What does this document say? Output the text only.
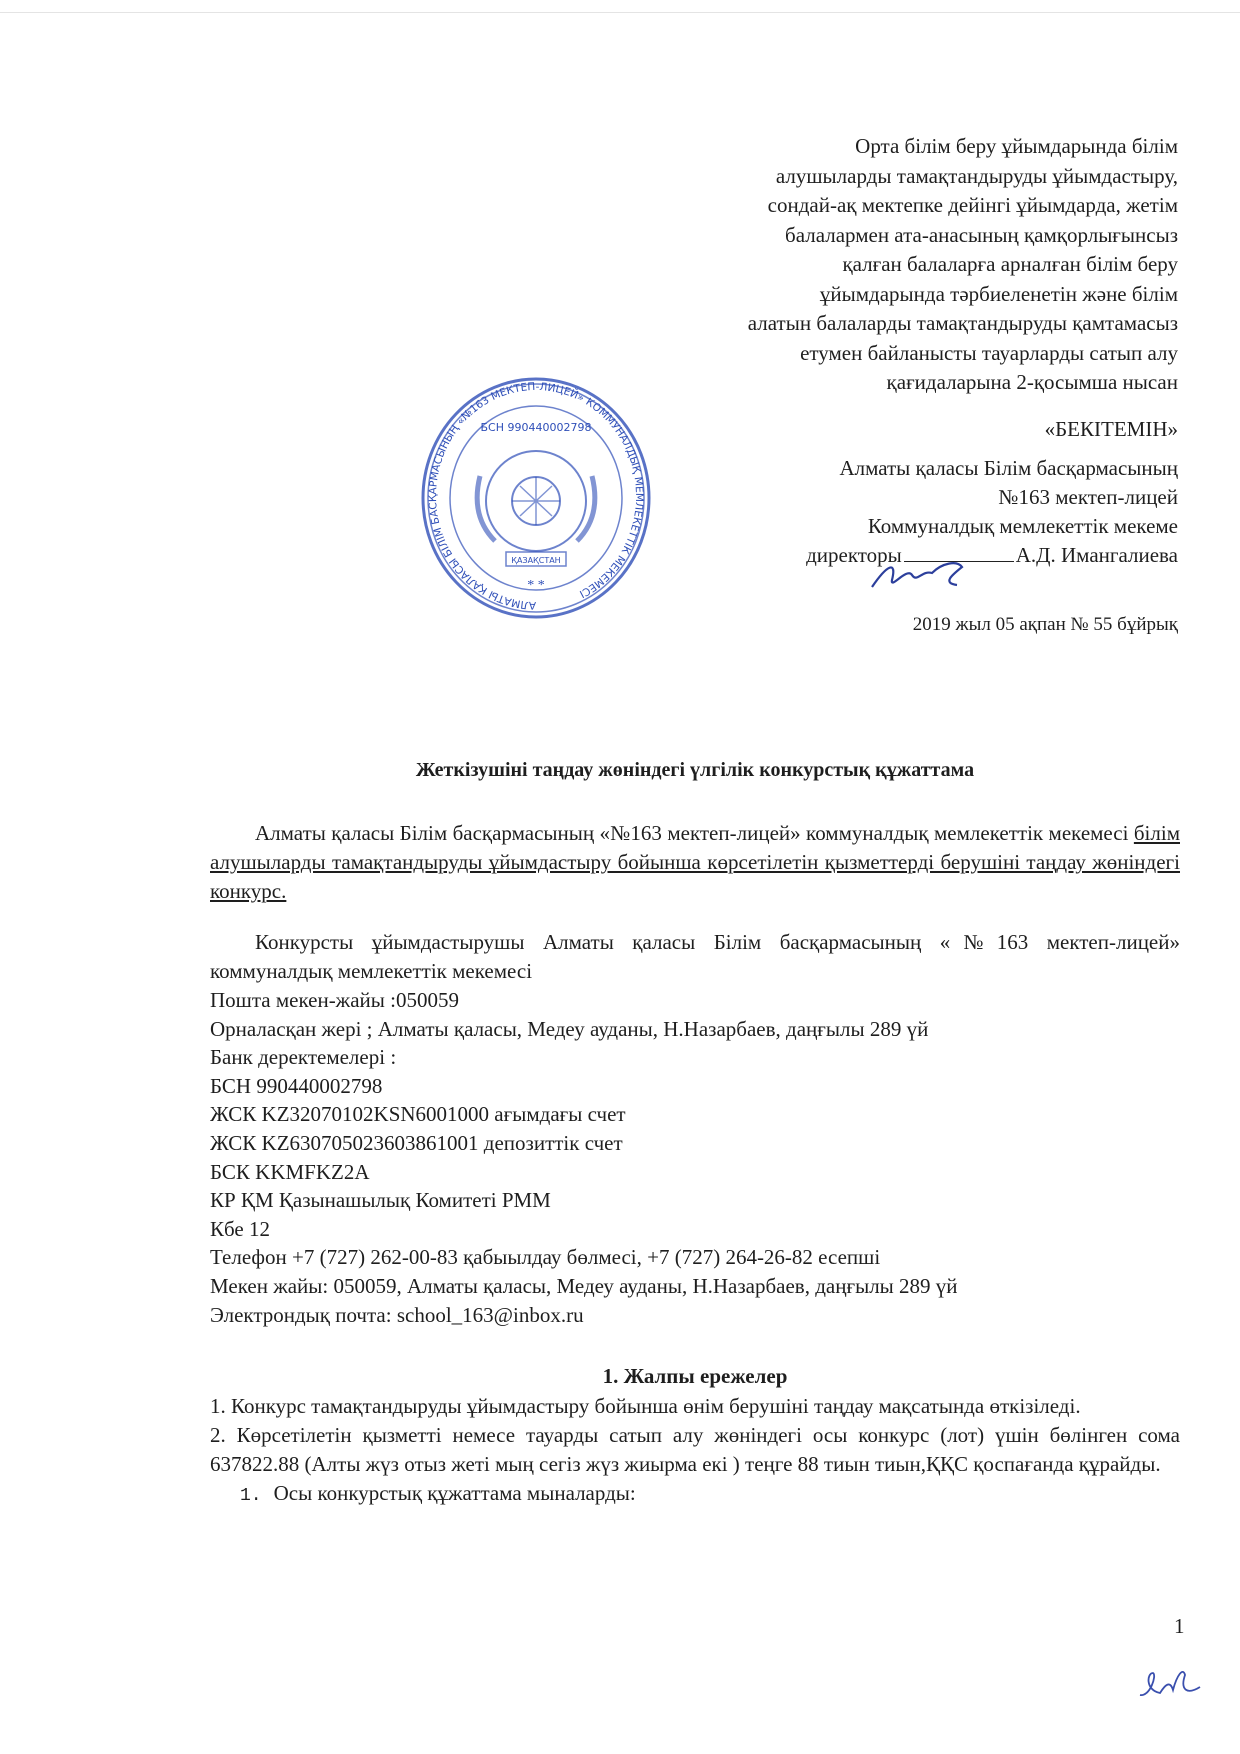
Орта білім беру ұйымдарында білім
алушыларды тамақтандыруды ұйымдастыру,
сондай-ақ мектепке дейінгі ұйымдарда, жетім
балалармен ата-анасының қамқорлығынсыз
қалған балаларға арналған білім беру
ұйымдарында тәрбиеленетін және білім
алатын балаларды тамақтандыруды қамтамасыз
етумен байланысты тауарларды сатып алу
қағидаларына 2-қосымша нысан
АЛМАТЫ ҚАЛАСЫ БІЛІМ БАСҚАРМАСЫНЫҢ «№163 МЕКТЕП-ЛИЦЕЙ» КОММУНАЛДЫҚ МЕМЛЕКЕТТІК МЕКЕМЕСІ
БСН 990440002798
ҚАЗАҚСТАН
* *
«БЕКІТЕМІН»
Алматы қаласы Білім басқармасының
№163 мектеп-лицей
Коммуналдық мемлекеттік мекеме
директоры	А.Д. Имангалиева
2019 жыл 05 ақпан № 55 бұйрық
Жеткізушіні таңдау жөніндегі үлгілік конкурстық құжаттама
Алматы қаласы Білім басқармасының «№163 мектеп-лицей» коммуналдық мемлекеттік мекемесі білім алушыларды тамақтандыруды ұйымдастыру бойынша көрсетілетін қызметтерді берушіні таңдау жөніндегі конкурс.
Конкурсты ұйымдастырушы Алматы қаласы Білім басқармасының «№163 мектеп-лицей» коммуналдық мемлекеттік мекемесі
Пошта мекен-жайы :050059
Орналасқан жері ; Алматы қаласы, Медеу ауданы, Н.Назарбаев, даңғылы 289 үй
Банк деректемелері :
БСН 990440002798
ЖСК KZ32070102KSN6001000 ағымдағы счет
ЖСК KZ630705023603861001 депозиттік счет
БСК KKMFKZ2A
КР ҚМ Қазынашылық Комитеті РММ
Кбе 12
Телефон +7 (727) 262-00-83 қабыылдау бөлмесі, +7 (727) 264-26-82 есепші
Мекен жайы: 050059, Алматы қаласы, Медеу ауданы, Н.Назарбаев, даңғылы 289 үй
Электрондық почта: school_163@inbox.ru
1. Жалпы ережелер
1. Конкурс тамақтандыруды ұйымдастыру бойынша өнім берушіні таңдау мақсатында өткізіледі.
2. Көрсетілетін қызметті немесе тауарды сатып алу жөніндегі осы конкурс (лот) үшін бөлінген сома 637822.88 (Алты жүз отыз жеті мың сегіз жүз жиырма екі ) теңге 88 тиын тиын,ҚҚС қоспағанда құрайды.
1. Осы конкурстық құжаттама мыналарды:
1
